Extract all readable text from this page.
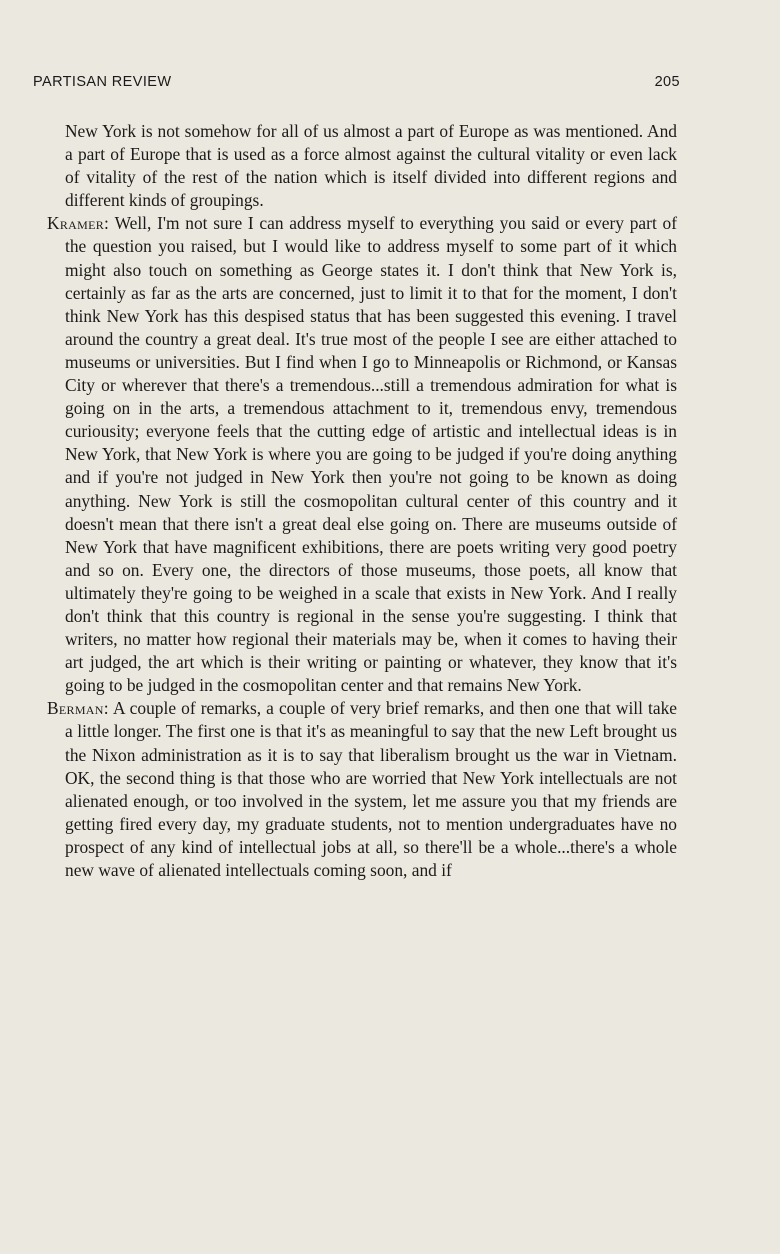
PARTISAN REVIEW	205

New York is not somehow for all of us almost a part of Europe as was mentioned. And a part of Europe that is used as a force almost against the cultural vitality or even lack of vitality of the rest of the nation which is itself divided into different regions and different kinds of groupings.

Kramer: Well, I'm not sure I can address myself to everything you said or every part of the question you raised, but I would like to address myself to some part of it which might also touch on something as George states it. I don't think that New York is, certainly as far as the arts are concerned, just to limit it to that for the moment, I don't think New York has this despised status that has been suggested this evening. I travel around the country a great deal. It's true most of the people I see are either attached to museums or universities. But I find when I go to Minneapolis or Richmond, or Kansas City or wherever that there's a tremendous...still a tremendous admiration for what is going on in the arts, a tremendous attachment to it, tremendous envy, tremendous curiousity; everyone feels that the cutting edge of artistic and intellectual ideas is in New York, that New York is where you are going to be judged if you're doing anything and if you're not judged in New York then you're not going to be known as doing anything. New York is still the cosmopolitan cultural center of this country and it doesn't mean that there isn't a great deal else going on. There are museums outside of New York that have magnificent exhibitions, there are poets writing very good poetry and so on. Every one, the directors of those museums, those poets, all know that ultimately they're going to be weighed in a scale that exists in New York. And I really don't think that this country is regional in the sense you're suggesting. I think that writers, no matter how regional their materials may be, when it comes to having their art judged, the art which is their writing or painting or whatever, they know that it's going to be judged in the cosmopolitan center and that remains New York.

Berman: A couple of remarks, a couple of very brief remarks, and then one that will take a little longer. The first one is that it's as meaningful to say that the new Left brought us the Nixon administration as it is to say that liberalism brought us the war in Vietnam. OK, the second thing is that those who are worried that New York intellectuals are not alienated enough, or too involved in the system, let me assure you that my friends are getting fired every day, my graduate students, not to mention undergraduates have no prospect of any kind of intellectual jobs at all, so there'll be a whole...there's a whole new wave of alienated intellectuals coming soon, and if
